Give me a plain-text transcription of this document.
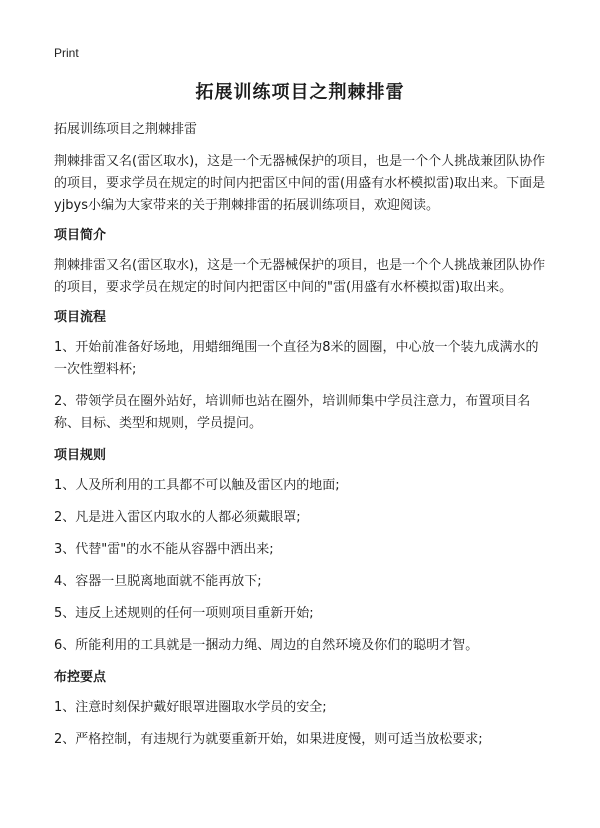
Print
拓展训练项目之荆棘排雷

拓展训练项目之荆棘排雷

荆棘排雷又名(雷区取水)，这是一个无器械保护的项目，也是一个个人挑战兼团队协作的项目，要求学员在规定的时间内把雷区中间的雷(用盛有水杯模拟雷)取出来。下面是yjbys小编为大家带来的关于荆棘排雷的拓展训练项目，欢迎阅读。

项目简介

荆棘排雷又名(雷区取水)，这是一个无器械保护的项目，也是一个个人挑战兼团队协作的项目，要求学员在规定的时间内把雷区中间的"雷(用盛有水杯模拟雷)取出来。

项目流程

1、开始前准备好场地，用蜡细绳围一个直径为8米的圆圈，中心放一个装九成满水的一次性塑料杯;

2、带领学员在圈外站好，培训师也站在圈外，培训师集中学员注意力，布置项目名称、目标、类型和规则，学员提问。

项目规则

1、人及所利用的工具都不可以触及雷区内的地面;

2、凡是进入雷区内取水的人都必须戴眼罩;

3、代替"雷"的水不能从容器中洒出来;

4、容器一旦脱离地面就不能再放下;

5、违反上述规则的任何一项则项目重新开始;

6、所能利用的工具就是一捆动力绳、周边的自然环境及你们的聪明才智。

布控要点

1、注意时刻保护戴好眼罩进圈取水学员的安全;

2、严格控制，有违规行为就要重新开始，如果进度慢，则可适当放松要求;
